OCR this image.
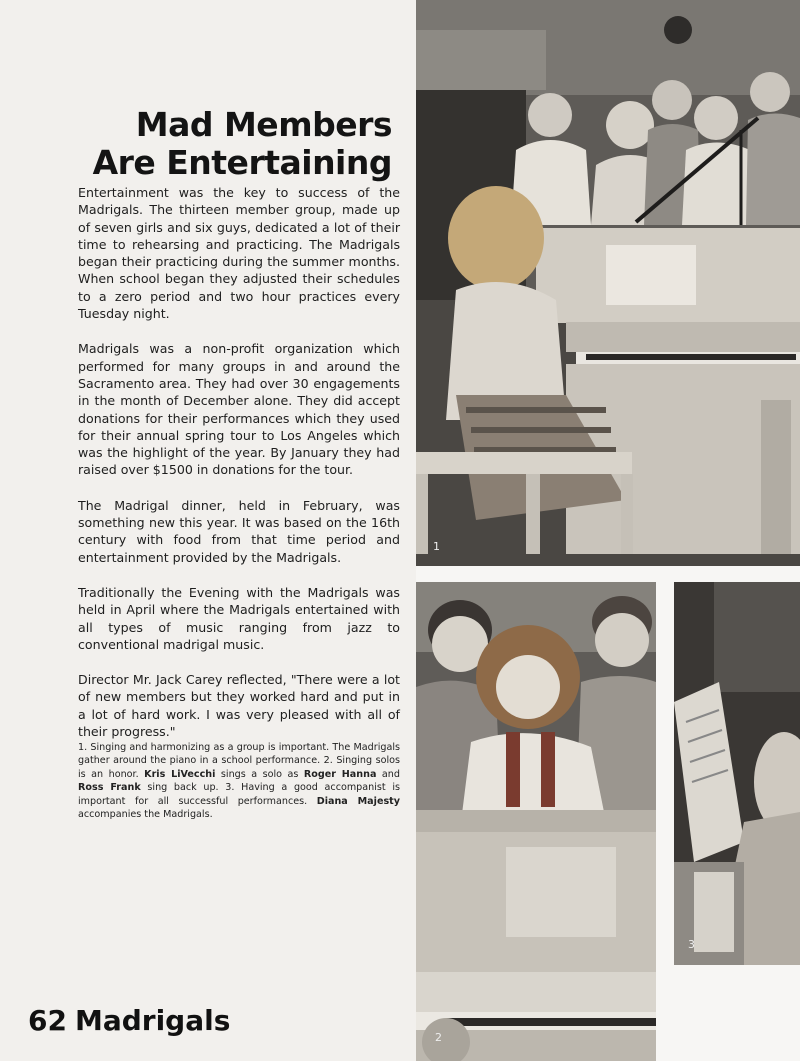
Mad Members
Are Entertaining

Entertainment was the key to success of the Madrigals. The thirteen member group, made up of seven girls and six guys, dedicated a lot of their time to rehearsing and practicing. The Madrigals began their practicing during the summer months. When school began they adjusted their schedules to a zero period and two hour practices every Tuesday night.

Madrigals was a non-profit organization which performed for many groups in and around the Sacramento area. They had over 30 engagements in the month of December alone. They did accept donations for their performances which they used for their annual spring tour to Los Angeles which was the highlight of the year. By January they had raised over $1500 in donations for the tour.

The Madrigal dinner, held in February, was something new this year. It was based on the 16th century with food from that time period and entertainment provided by the Madrigals.

Traditionally the Evening with the Madrigals was held in April where the Madrigals entertained with all types of music ranging from jazz to conventional madrigal music.

Director Mr. Jack Carey reflected, "There were a lot of new members but they worked hard and put in a lot of hard work. I was very pleased with all of their progress."

1. Singing and harmonizing as a group is important. The Madrigals gather around the piano in a school performance. 2. Singing solos is an honor. Kris LiVecchi sings a solo as Roger Hanna and Ross Frank sing back up. 3. Having a good accompanist is important for all successful performances. Diana Majesty accompanies the Madrigals.
62 Madrigals
1
2
3
